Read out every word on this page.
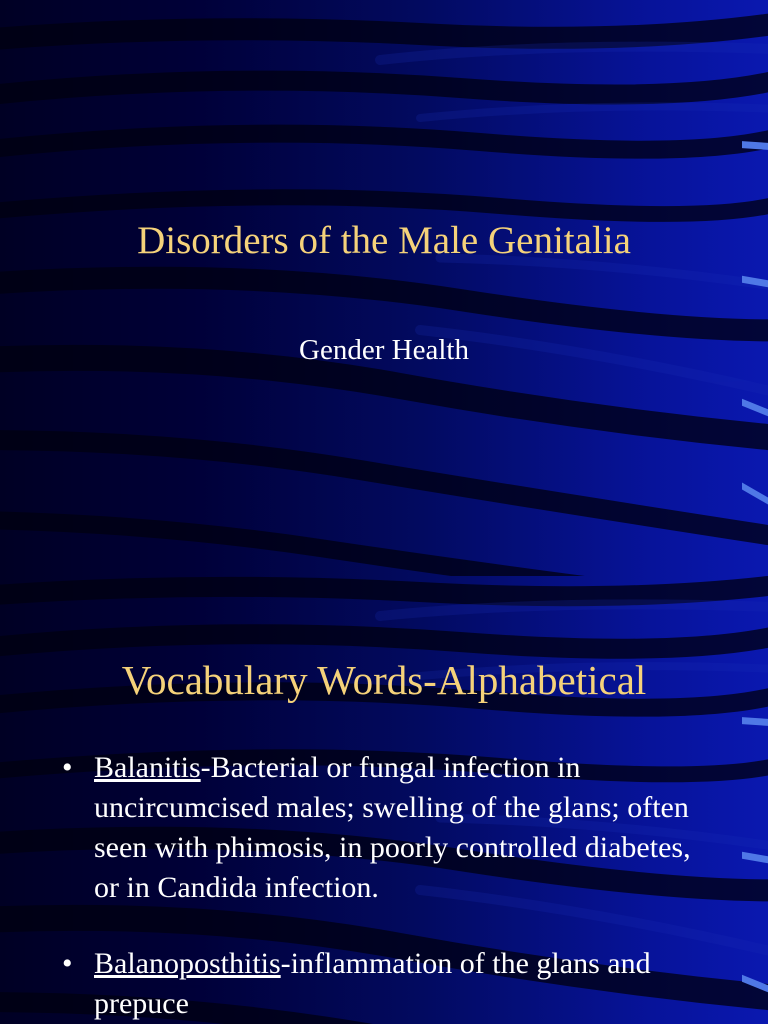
Disorders of the Male Genitalia
Gender Health
Vocabulary Words-Alphabetical
• Balanitis-Bacterial or fungal infection in uncircumcised males; swelling of the glans; often seen with phimosis, in poorly controlled diabetes, or in Candida infection.
• Balanoposthitis-inflammation of the glans and prepuce
